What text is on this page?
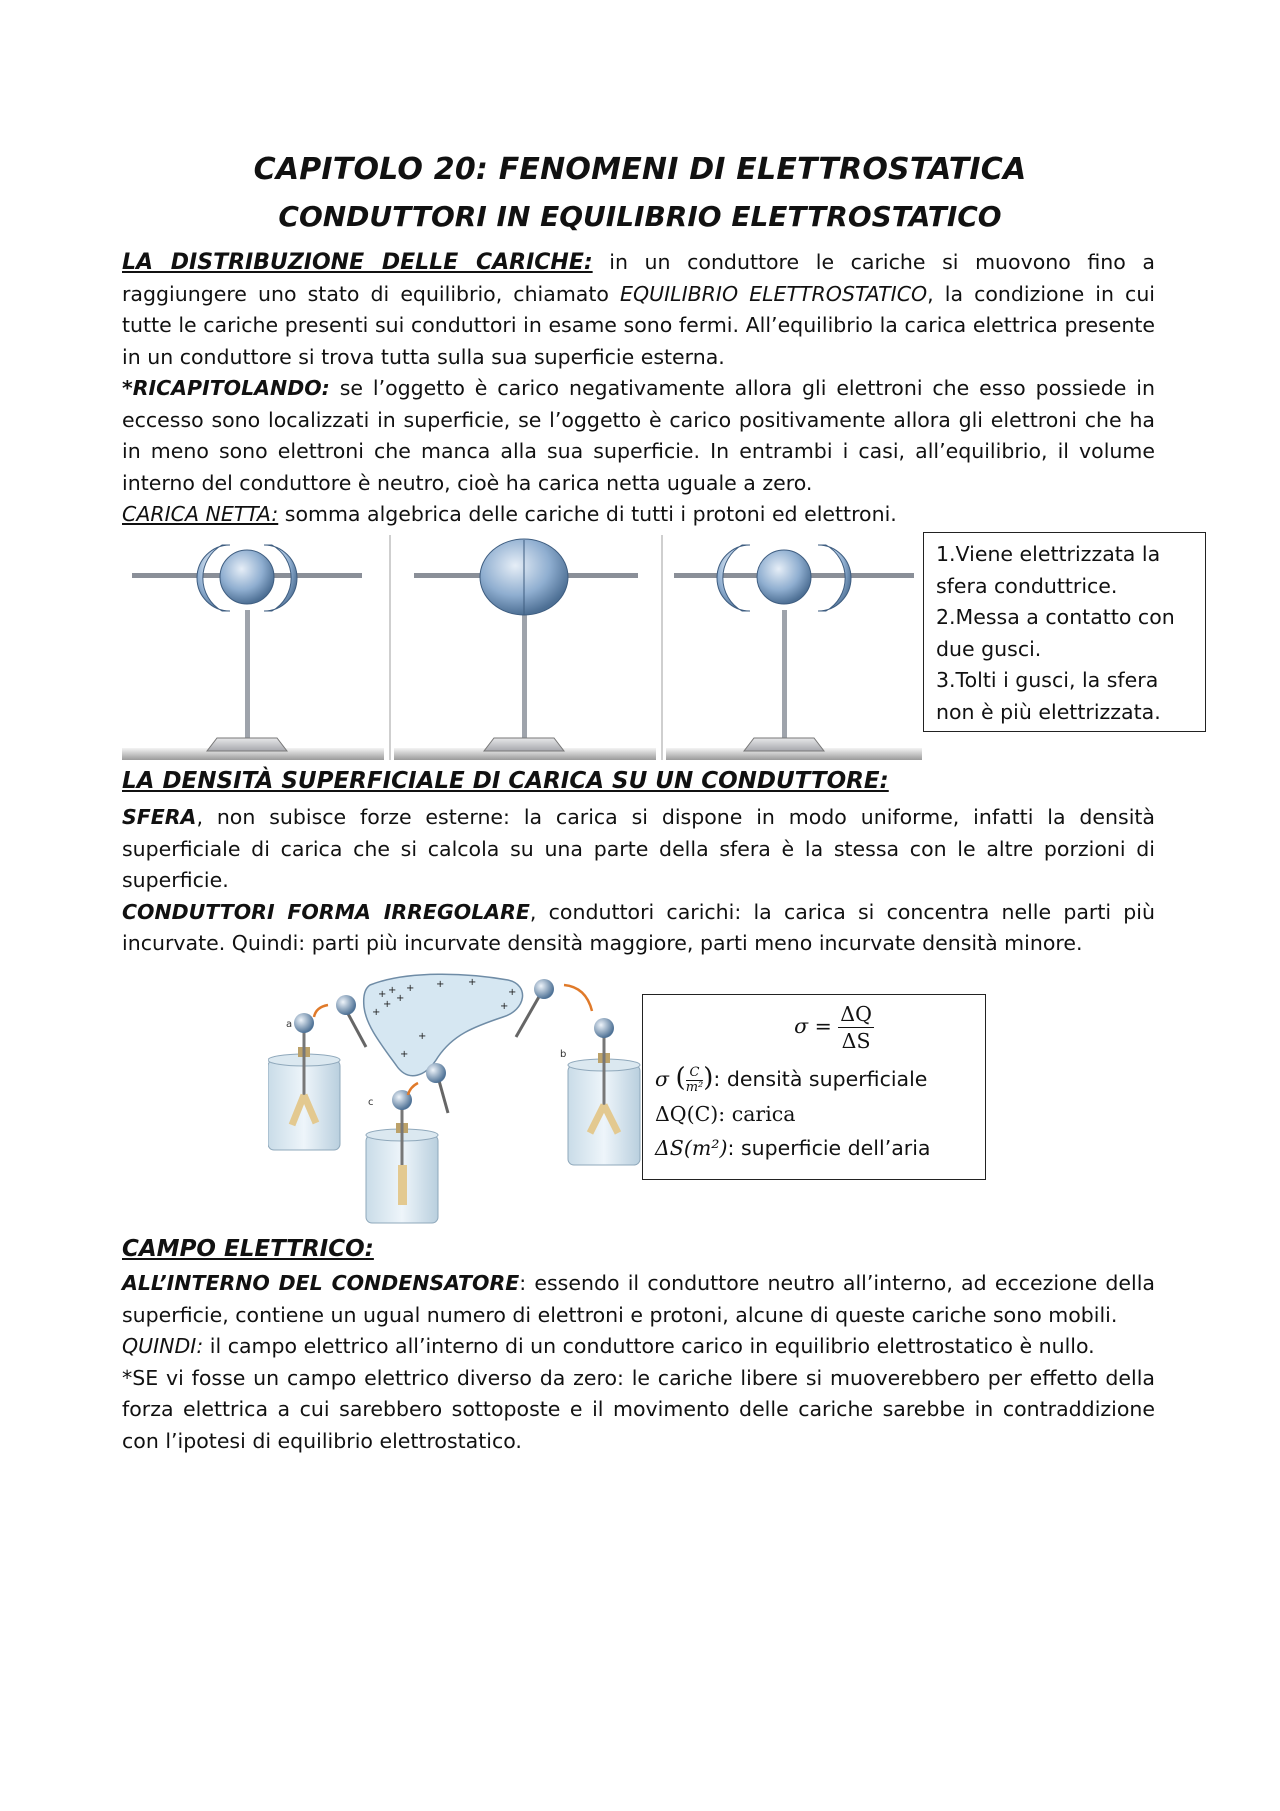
CAPITOLO 20: FENOMENI DI ELETTROSTATICA
CONDUTTORI IN EQUILIBRIO ELETTROSTATICO

LA DISTRIBUZIONE DELLE CARICHE: in un conduttore le cariche si muovono fino a raggiungere uno stato di equilibrio, chiamato EQUILIBRIO ELETTROSTATICO, la condizione in cui tutte le cariche presenti sui conduttori in esame sono fermi. All’equilibrio la carica elettrica presente in un conduttore si trova tutta sulla sua superficie esterna.

*RICAPITOLANDO: se l’oggetto è carico negativamente allora gli elettroni che esso possiede in eccesso sono localizzati in superficie, se l’oggetto è carico positivamente allora gli elettroni che ha in meno sono elettroni che manca alla sua superficie. In entrambi i casi, all’equilibrio, il volume interno del conduttore è neutro, cioè ha carica netta uguale a zero.

CARICA NETTA: somma algebrica delle cariche di tutti i protoni ed elettroni.

1.Viene elettrizzata la sfera conduttrice.
2.Messa a contatto con due gusci.
3.Tolti i gusci, la sfera non è più elettrizzata.
LA DENSITÀ SUPERFICIALE DI CARICA SU UN CONDUTTORE:

SFERA, non subisce forze esterne: la carica si dispone in modo uniforme, infatti la densità superficiale di carica che si calcola su una parte della sfera è la stessa con le altre porzioni di superficie.

CONDUTTORI FORMA IRREGOLARE, conduttori carichi: la carica si concentra nelle parti più incurvate. Quindi: parti più incurvate densità maggiore, parti meno incurvate densità minore.

+ +
+
+
+
+
+
+
+
+
+
+
a
c
b
$\sigma = \frac{\Delta Q}{\Delta S}$
σ ( $\frac{C}{\text{m²}}$ ): densità superficiale
ΔQ(C): carica
ΔS(m²): superficie dell’aria
CAMPO ELETTRICO:

ALL’INTERNO DEL CONDENSATORE: essendo il conduttore neutro all’interno, ad eccezione della superficie, contiene un ugual numero di elettroni e protoni, alcune di queste cariche sono mobili.

QUINDI: il campo elettrico all’interno di un conduttore carico in equilibrio elettrostatico è nullo.

*SE vi fosse un campo elettrico diverso da zero: le cariche libere si muoverebbero per effetto della forza elettrica a cui sarebbero sottoposte e il movimento delle cariche sarebbe in contraddizione con l’ipotesi di equilibrio elettrostatico.
